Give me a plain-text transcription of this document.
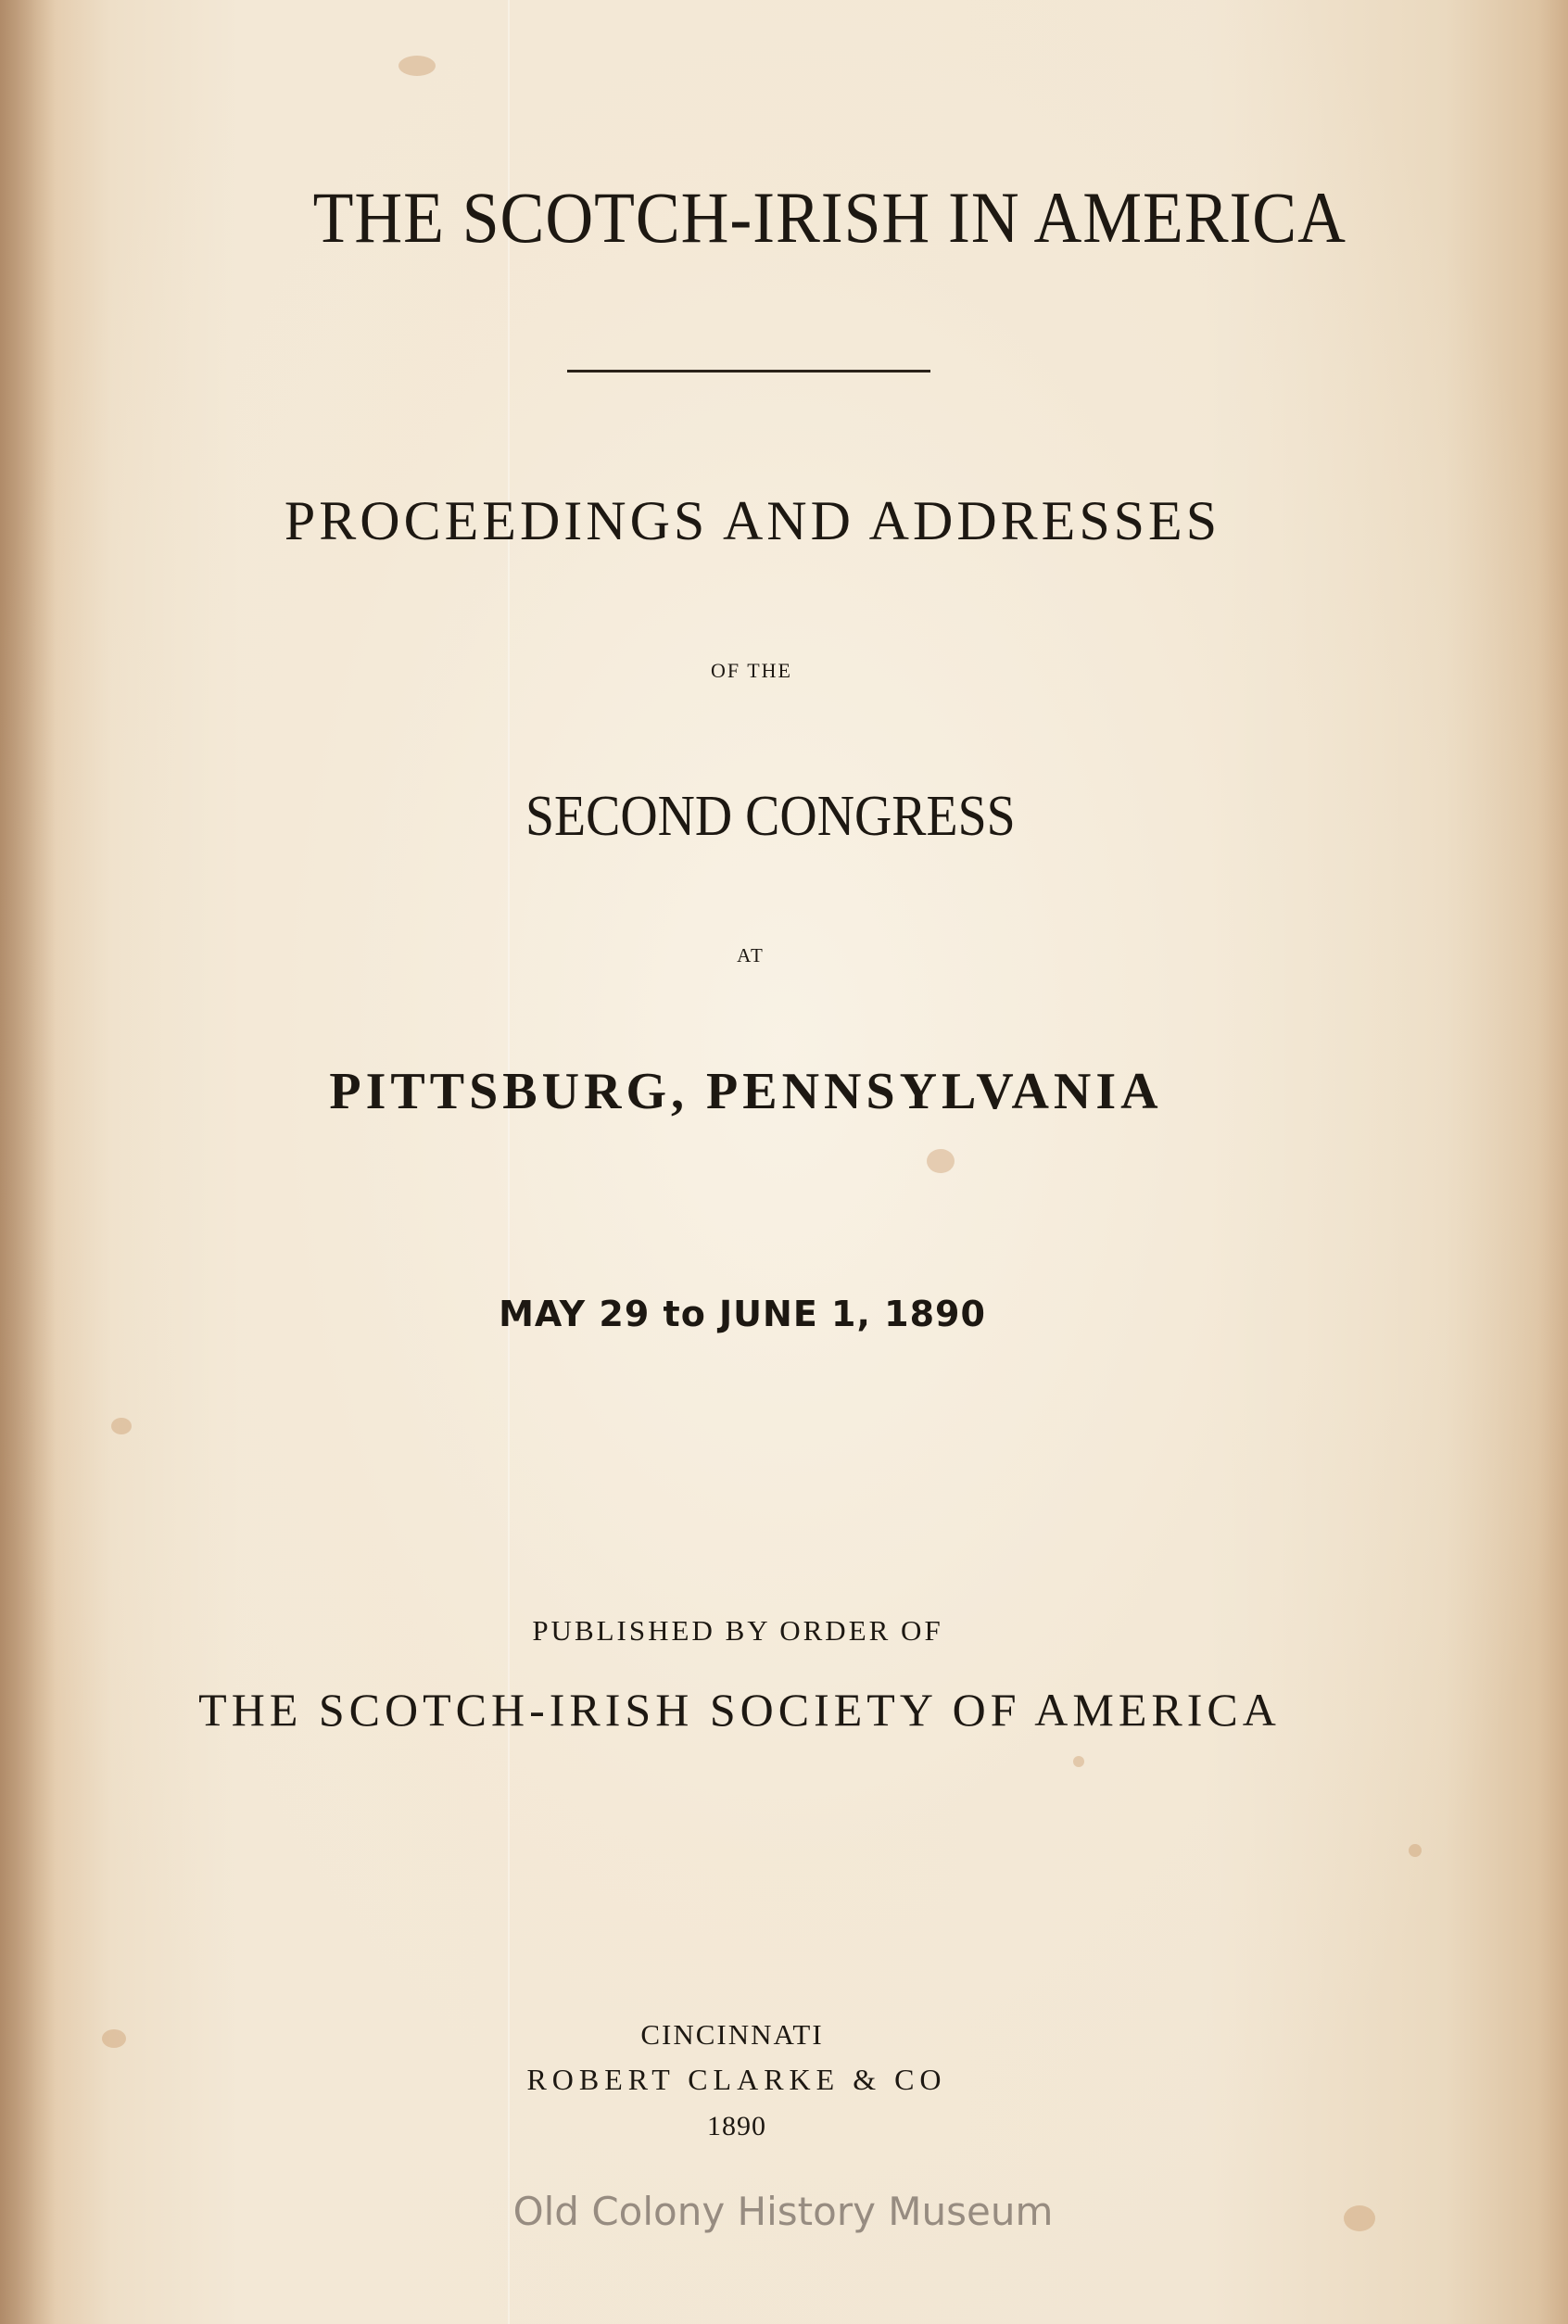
THE SCOTCH-IRISH IN AMERICA
PROCEEDINGS AND ADDRESSES
OF THE
SECOND CONGRESS
AT
PITTSBURG, PENNSYLVANIA
MAY 29 to JUNE 1, 1890
PUBLISHED BY ORDER OF
THE SCOTCH-IRISH SOCIETY OF AMERICA
CINCINNATI
ROBERT CLARKE & CO
1890
Old Colony History Museum
